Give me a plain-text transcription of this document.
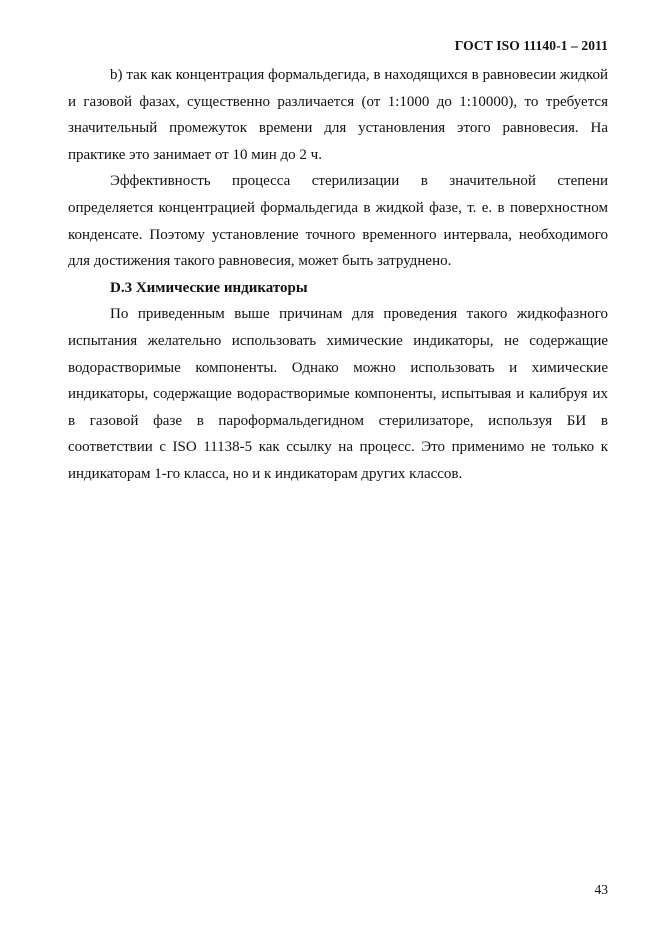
ГОСТ ISO 11140-1 – 2011

b) так как концентрация формальдегида, в находящихся в равновесии жидкой и газовой фазах, существенно различается (от 1:1000 до 1:10000), то требуется значительный промежуток времени для установления этого равновесия. На практике это занимает от 10 мин до 2 ч.

Эффективность процесса стерилизации в значительной степени определяется концентрацией формальдегида в жидкой фазе, т. е. в поверхностном конденсате. Поэтому установление точного временного интервала, необходимого для достижения такого равновесия, может быть затруднено.

D.3 Химические индикаторы

По приведенным выше причинам для проведения такого жидкофазного испытания желательно использовать химические индикаторы, не содержащие водорастворимые компоненты. Однако можно использовать и химические индикаторы, содержащие водорастворимые компоненты, испытывая и калибруя их в газовой фазе в пароформальдегидном стерилизаторе, используя БИ в соответствии с ISO 11138-5 как ссылку на процесс. Это применимо не только к индикаторам 1-го класса, но и к индикаторам других классов.

43
